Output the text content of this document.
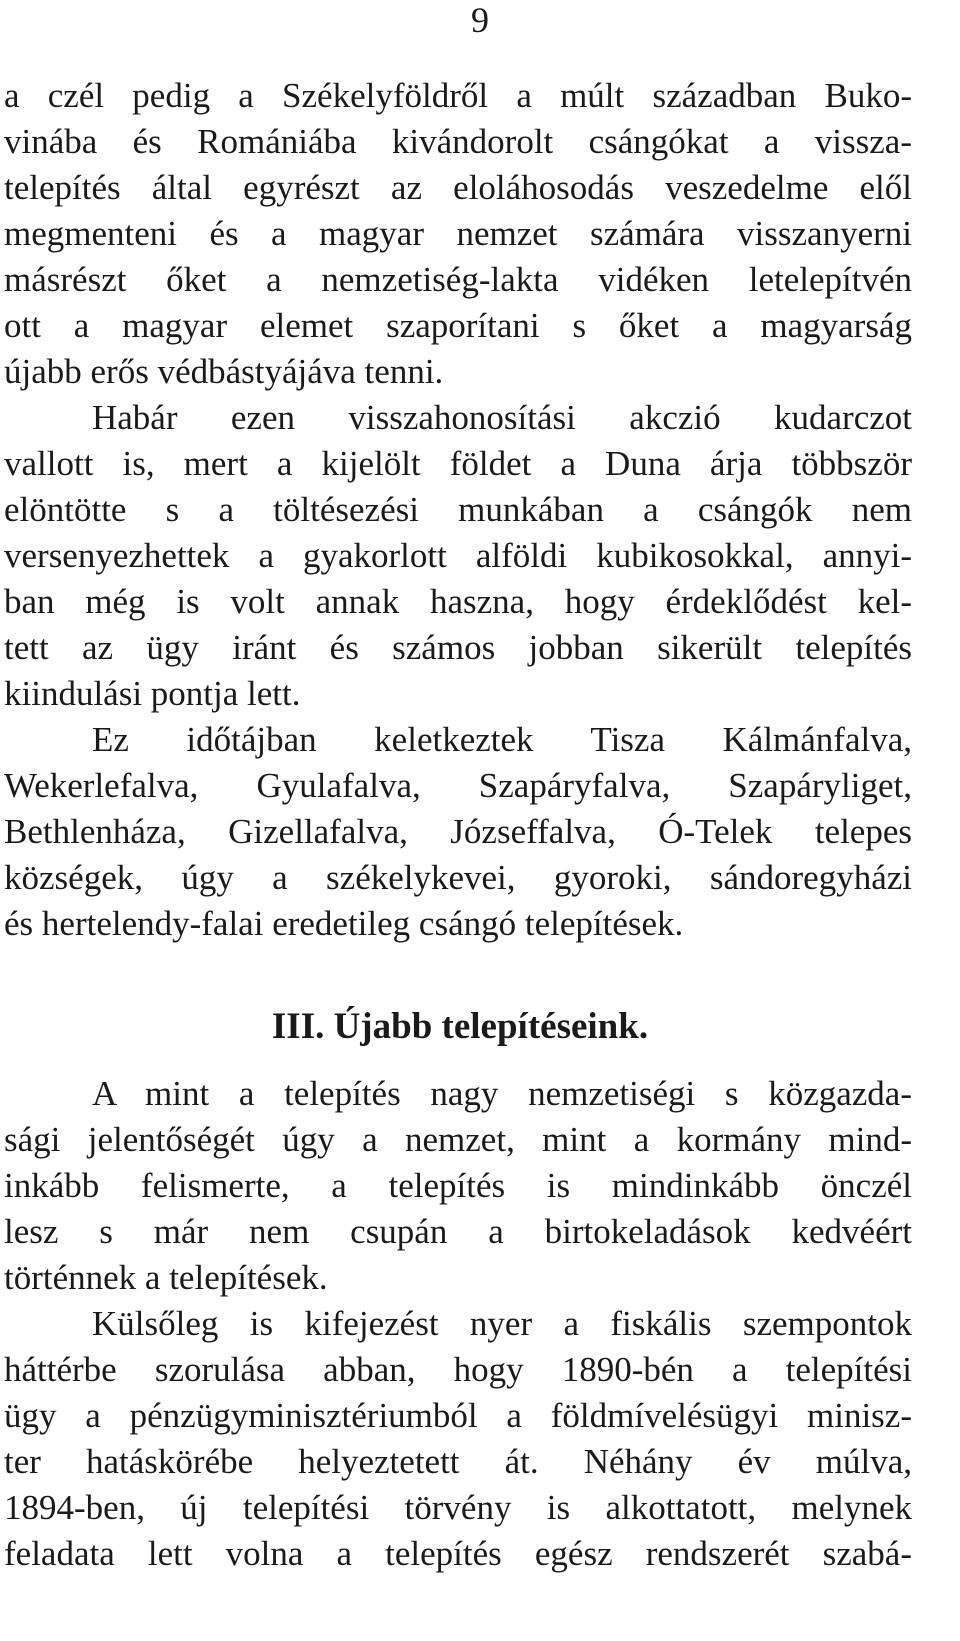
9
a czél pedig a Székelyföldről a múlt században Buko-
vinába és Romániába kivándorolt csángókat a vissza-
telepítés által egyrészt az eloláhosodás veszedelme elől
megmenteni és a magyar nemzet számára visszanyerni
másrészt őket a nemzetiség-lakta vidéken letelepítvén
ott a magyar elemet szaporítani s őket a magyarság
újabb erős védbástyájáva tenni.
Habár ezen visszahonosítási akczió kudarczot
vallott is, mert a kijelölt földet a Duna árja többször
elöntötte s a töltésezési munkában a csángók nem
versenyezhettek a gyakorlott alföldi kubikosokkal, annyi-
ban még is volt annak haszna, hogy érdeklődést kel-
tett az ügy iránt és számos jobban sikerült telepítés
kiindulási pontja lett.
Ez időtájban keletkeztek Tisza Kálmánfalva,
Wekerlefalva, Gyulafalva, Szapáryfalva, Szapáryliget,
Bethlenháza, Gizellafalva, Józseffalva, Ó-Telek telepes
községek, úgy a székelykevei, gyoroki, sándoregyházi
és hertelendy-falai eredetileg csángó telepítések.
III. Újabb telepítéseink.
A mint a telepítés nagy nemzetiségi s közgazda-
sági jelentőségét úgy a nemzet, mint a kormány mind-
inkább felismerte, a telepítés is mindinkább önczél
lesz s már nem csupán a birtokeladások kedvéért
történnek a telepítések.
Külsőleg is kifejezést nyer a fiskális szempontok
háttérbe szorulása abban, hogy 1890-bén a telepítési
ügy a pénzügyminisztériumból a földmívelésügyi minisz-
ter hatáskörébe helyeztetett át. Néhány év múlva,
1894-ben, új telepítési törvény is alkottatott, melynek
feladata lett volna a telepítés egész rendszerét szabá-
